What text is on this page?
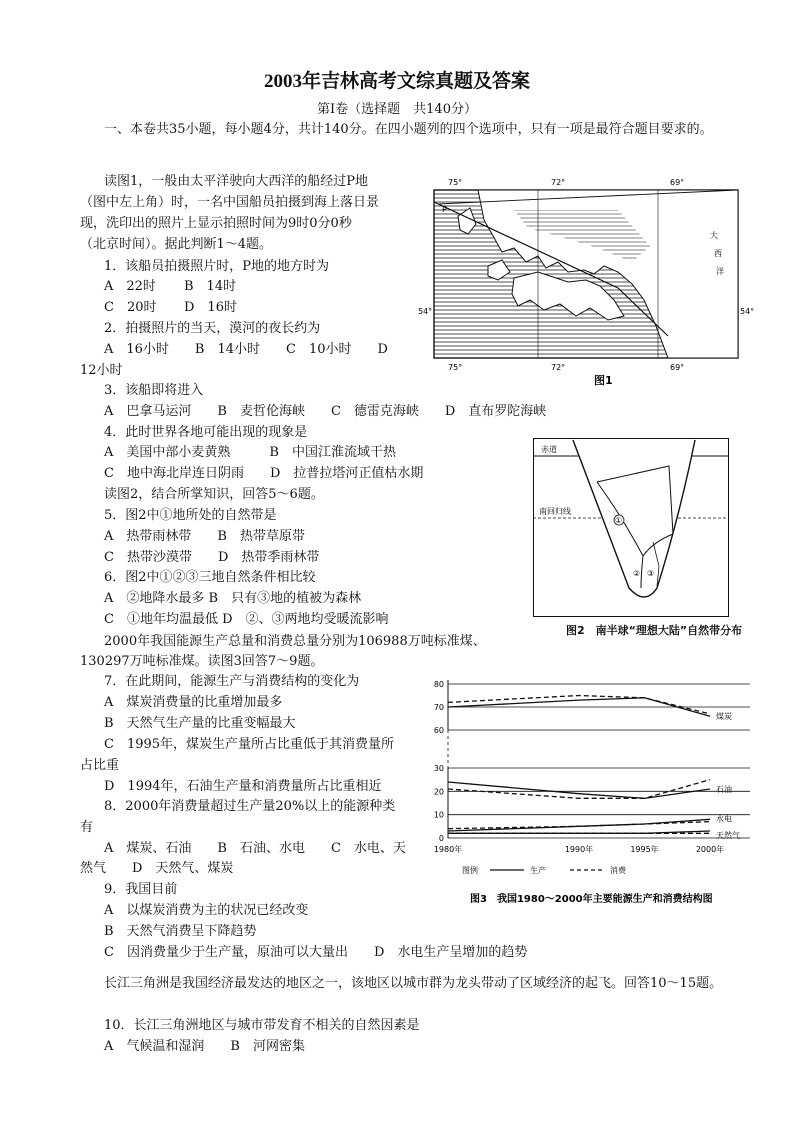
2003年吉林高考文综真题及答案
第Ⅰ卷（选择题　共140分）
一、本卷共35小题，每小题4分，共计140分。在四小题列的四个选项中，只有一项是最符合题目要求的。
读图1，一般由太平洋驶向大西洋的船经过P地
（图中左上角）时，一名中国船员拍摄到海上落日景
现，洗印出的照片上显示拍照时间为9时0分0秒
（北京时间）。据此判断1～4题。
1．该船员拍摄照片时，P地的地方时为
A　22时 B　14时
C　20时 D　16时
2．拍摄照片的当天，漠河的夜长约为
A　16小时　　B　14小时　　C　10小时　　D
12小时
3．该船即将进入
A　巴拿马运河　　B　麦哲伦海峡　　C　德雷克海峡　　D　直布罗陀海峡
4．此时世界各地可能出现的现象是
A　美国中部小麦黄熟　　　B　中国江淮流域干热
C　地中海北岸连日阴雨　　D　拉普拉塔河正值枯水期
读图2，结合所掌知识，回答5～6题。
5．图2中①地所处的自然带是
A　热带雨林带　　B　热带草原带
C　热带沙漠带　　D　热带季雨林带
6．图2中①②③三地自然条件相比较
A　②地降水最多 B　只有③地的植被为森林
C　①地年均温最低 D　②、③两地均受暖流影响
2000年我国能源生产总量和消费总量分别为106988万吨标准煤、
130297万吨标准煤。读图3回答7～9题。
7．在此期间，能源生产与消费结构的变化为
A　煤炭消费量的比重增加最多
B　天然气生产量的比重变幅最大
C　1995年，煤炭生产量所占比重低于其消费量所
占比重
D　1994年，石油生产量和消费量所占比重相近
8．2000年消费量超过生产量20%以上的能源种类
有
A　煤炭、石油　　B　石油、水电　　C　水电、天
然气　　D　天然气、煤炭
9．我国目前
A　以煤炭消费为主的状况已经改变
B　天然气消费呈下降趋势
C　因消费量少于生产量，原油可以大量出　　D　水电生产呈增加的趋势
长江三角洲是我国经济最发达的地区之一，该地区以城市群为龙头带动了区域经济的起飞。回答10～15题。
10．长江三角洲地区与城市带发育不相关的自然因素是
A　气候温和湿润　　B　河网密集
75°	72°	69°
P
大
西
洋
54°	54°
75°	72°	69°
图1
赤道
南回归线
①
② ③
图2　南半球“理想大陆”自然带分布
60
70
80
0
10
20
30
1980年	1990年	1995年	2000年
煤炭
石油
水电
天然气
图例	生产	消费
图3　我国1980～2000年主要能源生产和消费结构图
